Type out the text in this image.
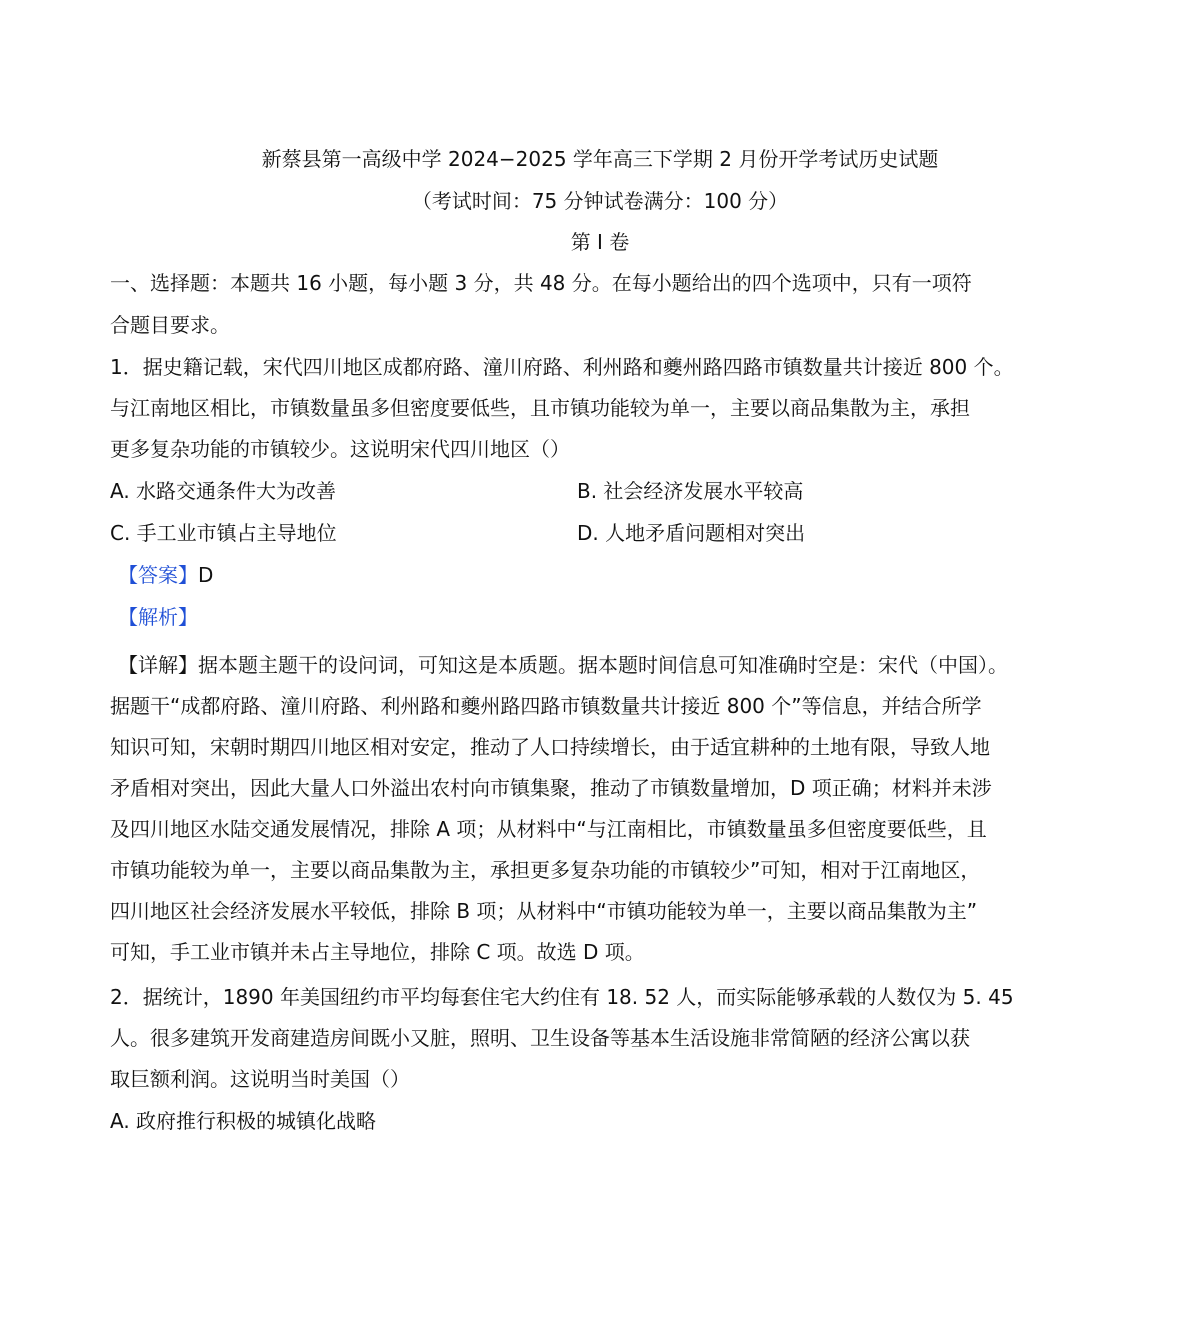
新蔡县第一高级中学 2024−2025 学年高三下学期 2 月份开学考试历史试题
（考试时间：75 分钟试卷满分：100 分）
第 I 卷
一、选择题：本题共 16 小题，每小题 3 分，共 48 分。在每小题给出的四个选项中，只有一项符
合题目要求。
1．据史籍记载，宋代四川地区成都府路、潼川府路、利州路和夔州路四路市镇数量共计接近 800 个。
与江南地区相比，市镇数量虽多但密度要低些，且市镇功能较为单一，主要以商品集散为主，承担
更多复杂功能的市镇较少。这说明宋代四川地区（）
A. 水路交通条件大为改善	B. 社会经济发展水平较高
C. 手工业市镇占主导地位	D. 人地矛盾问题相对突出
【答案】D
【解析】
【详解】据本题主题干的设问词，可知这是本质题。据本题时间信息可知准确时空是：宋代（中国）。
据题干“成都府路、潼川府路、利州路和夔州路四路市镇数量共计接近 800 个”等信息，并结合所学
知识可知，宋朝时期四川地区相对安定，推动了人口持续增长，由于适宜耕种的土地有限，导致人地
矛盾相对突出，因此大量人口外溢出农村向市镇集聚，推动了市镇数量增加，D 项正确；材料并未涉
及四川地区水陆交通发展情况，排除 A 项；从材料中“与江南相比，市镇数量虽多但密度要低些，且
市镇功能较为单一，主要以商品集散为主，承担更多复杂功能的市镇较少”可知，相对于江南地区，
四川地区社会经济发展水平较低，排除 B 项；从材料中“市镇功能较为单一，主要以商品集散为主”
可知，手工业市镇并未占主导地位，排除 C 项。故选 D 项。
2．据统计，1890 年美国纽约市平均每套住宅大约住有 18. 52 人，而实际能够承载的人数仅为 5. 45
人。很多建筑开发商建造房间既小又脏，照明、卫生设备等基本生活设施非常简陋的经济公寓以获
取巨额利润。这说明当时美国（）
A. 政府推行积极的城镇化战略
